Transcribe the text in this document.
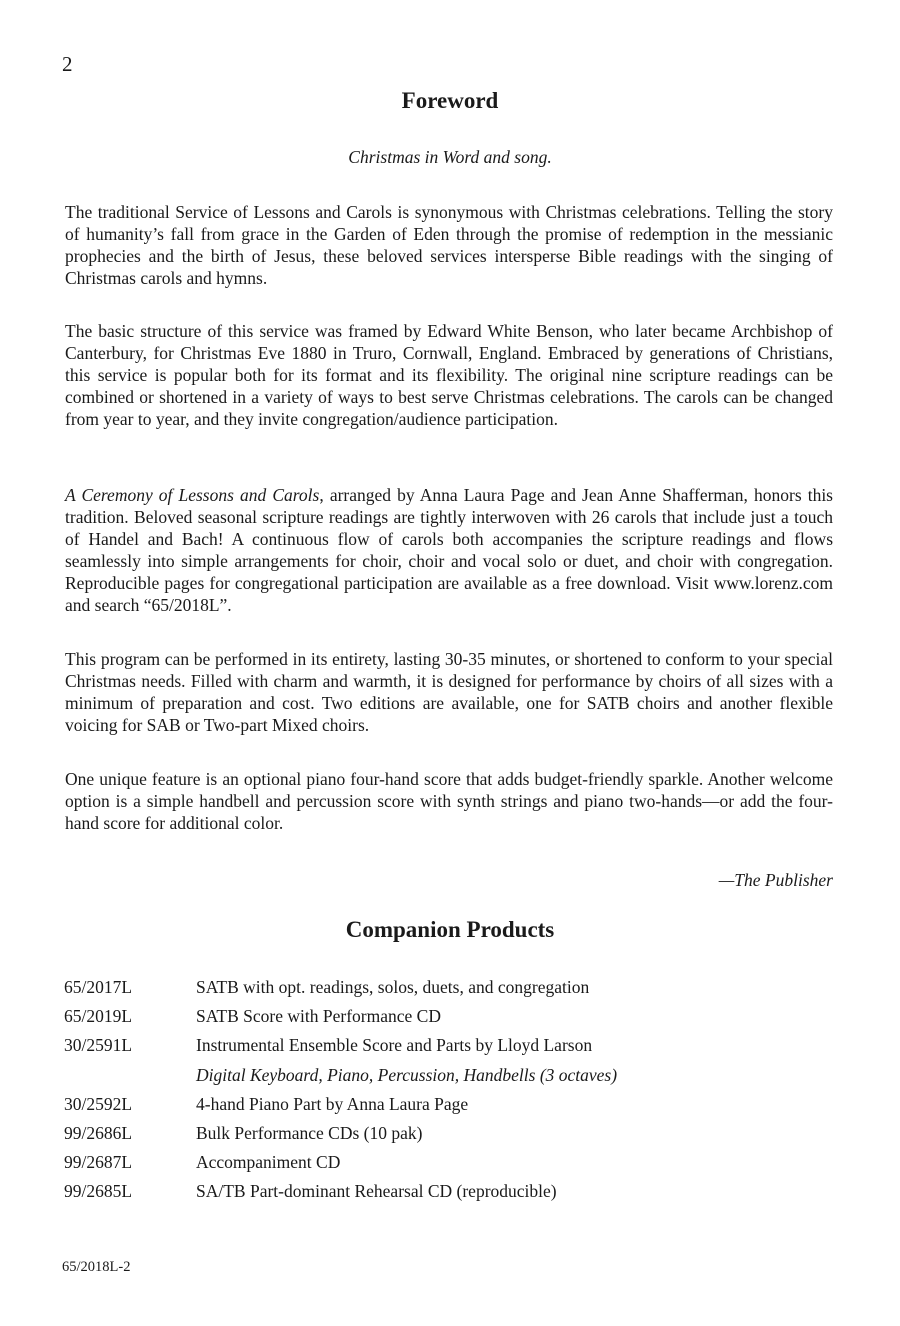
2
Foreword
Christmas in Word and song.

The traditional Service of Lessons and Carols is synonymous with Christmas celebrations. Telling the story of humanity’s fall from grace in the Garden of Eden through the promise of redemption in the messianic prophecies and the birth of Jesus, these beloved services intersperse Bible readings with the singing of Christmas carols and hymns.

The basic structure of this service was framed by Edward White Benson, who later became Archbishop of Canterbury, for Christmas Eve 1880 in Truro, Cornwall, England. Embraced by generations of Christians, this service is popular both for its format and its flexibility. The original nine scripture readings can be combined or shortened in a variety of ways to best serve Christmas celebrations. The carols can be changed from year to year, and they invite congregation/audience participation.

A Ceremony of Lessons and Carols, arranged by Anna Laura Page and Jean Anne Shafferman, honors this tradition. Beloved seasonal scripture readings are tightly interwoven with 26 carols that include just a touch of Handel and Bach! A continuous flow of carols both accompanies the scripture readings and flows seamlessly into simple arrangements for choir, choir and vocal solo or duet, and choir with congregation. Reproducible pages for congregational participation are available as a free download. Visit www.lorenz.com and search “65/2018L”.

This program can be performed in its entirety, lasting 30-35 minutes, or shortened to conform to your special Christmas needs. Filled with charm and warmth, it is designed for performance by choirs of all sizes with a minimum of preparation and cost. Two editions are available, one for SATB choirs and another flexible voicing for SAB or Two-part Mixed choirs.

One unique feature is an optional piano four-hand score that adds budget-friendly sparkle. Another welcome option is a simple handbell and percussion score with synth strings and piano two-hands—or add the four-hand score for additional color.

—The Publisher
Companion Products
65/2017L	SATB with opt. readings, solos, duets, and congregation
65/2019L	SATB Score with Performance CD
30/2591L	Instrumental Ensemble Score and Parts by Lloyd Larson
Digital Keyboard, Piano, Percussion, Handbells (3 octaves)
30/2592L	4-hand Piano Part by Anna Laura Page
99/2686L	Bulk Performance CDs (10 pak)
99/2687L	Accompaniment CD
99/2685L	SA/TB Part-dominant Rehearsal CD (reproducible)
65/2018L-2
